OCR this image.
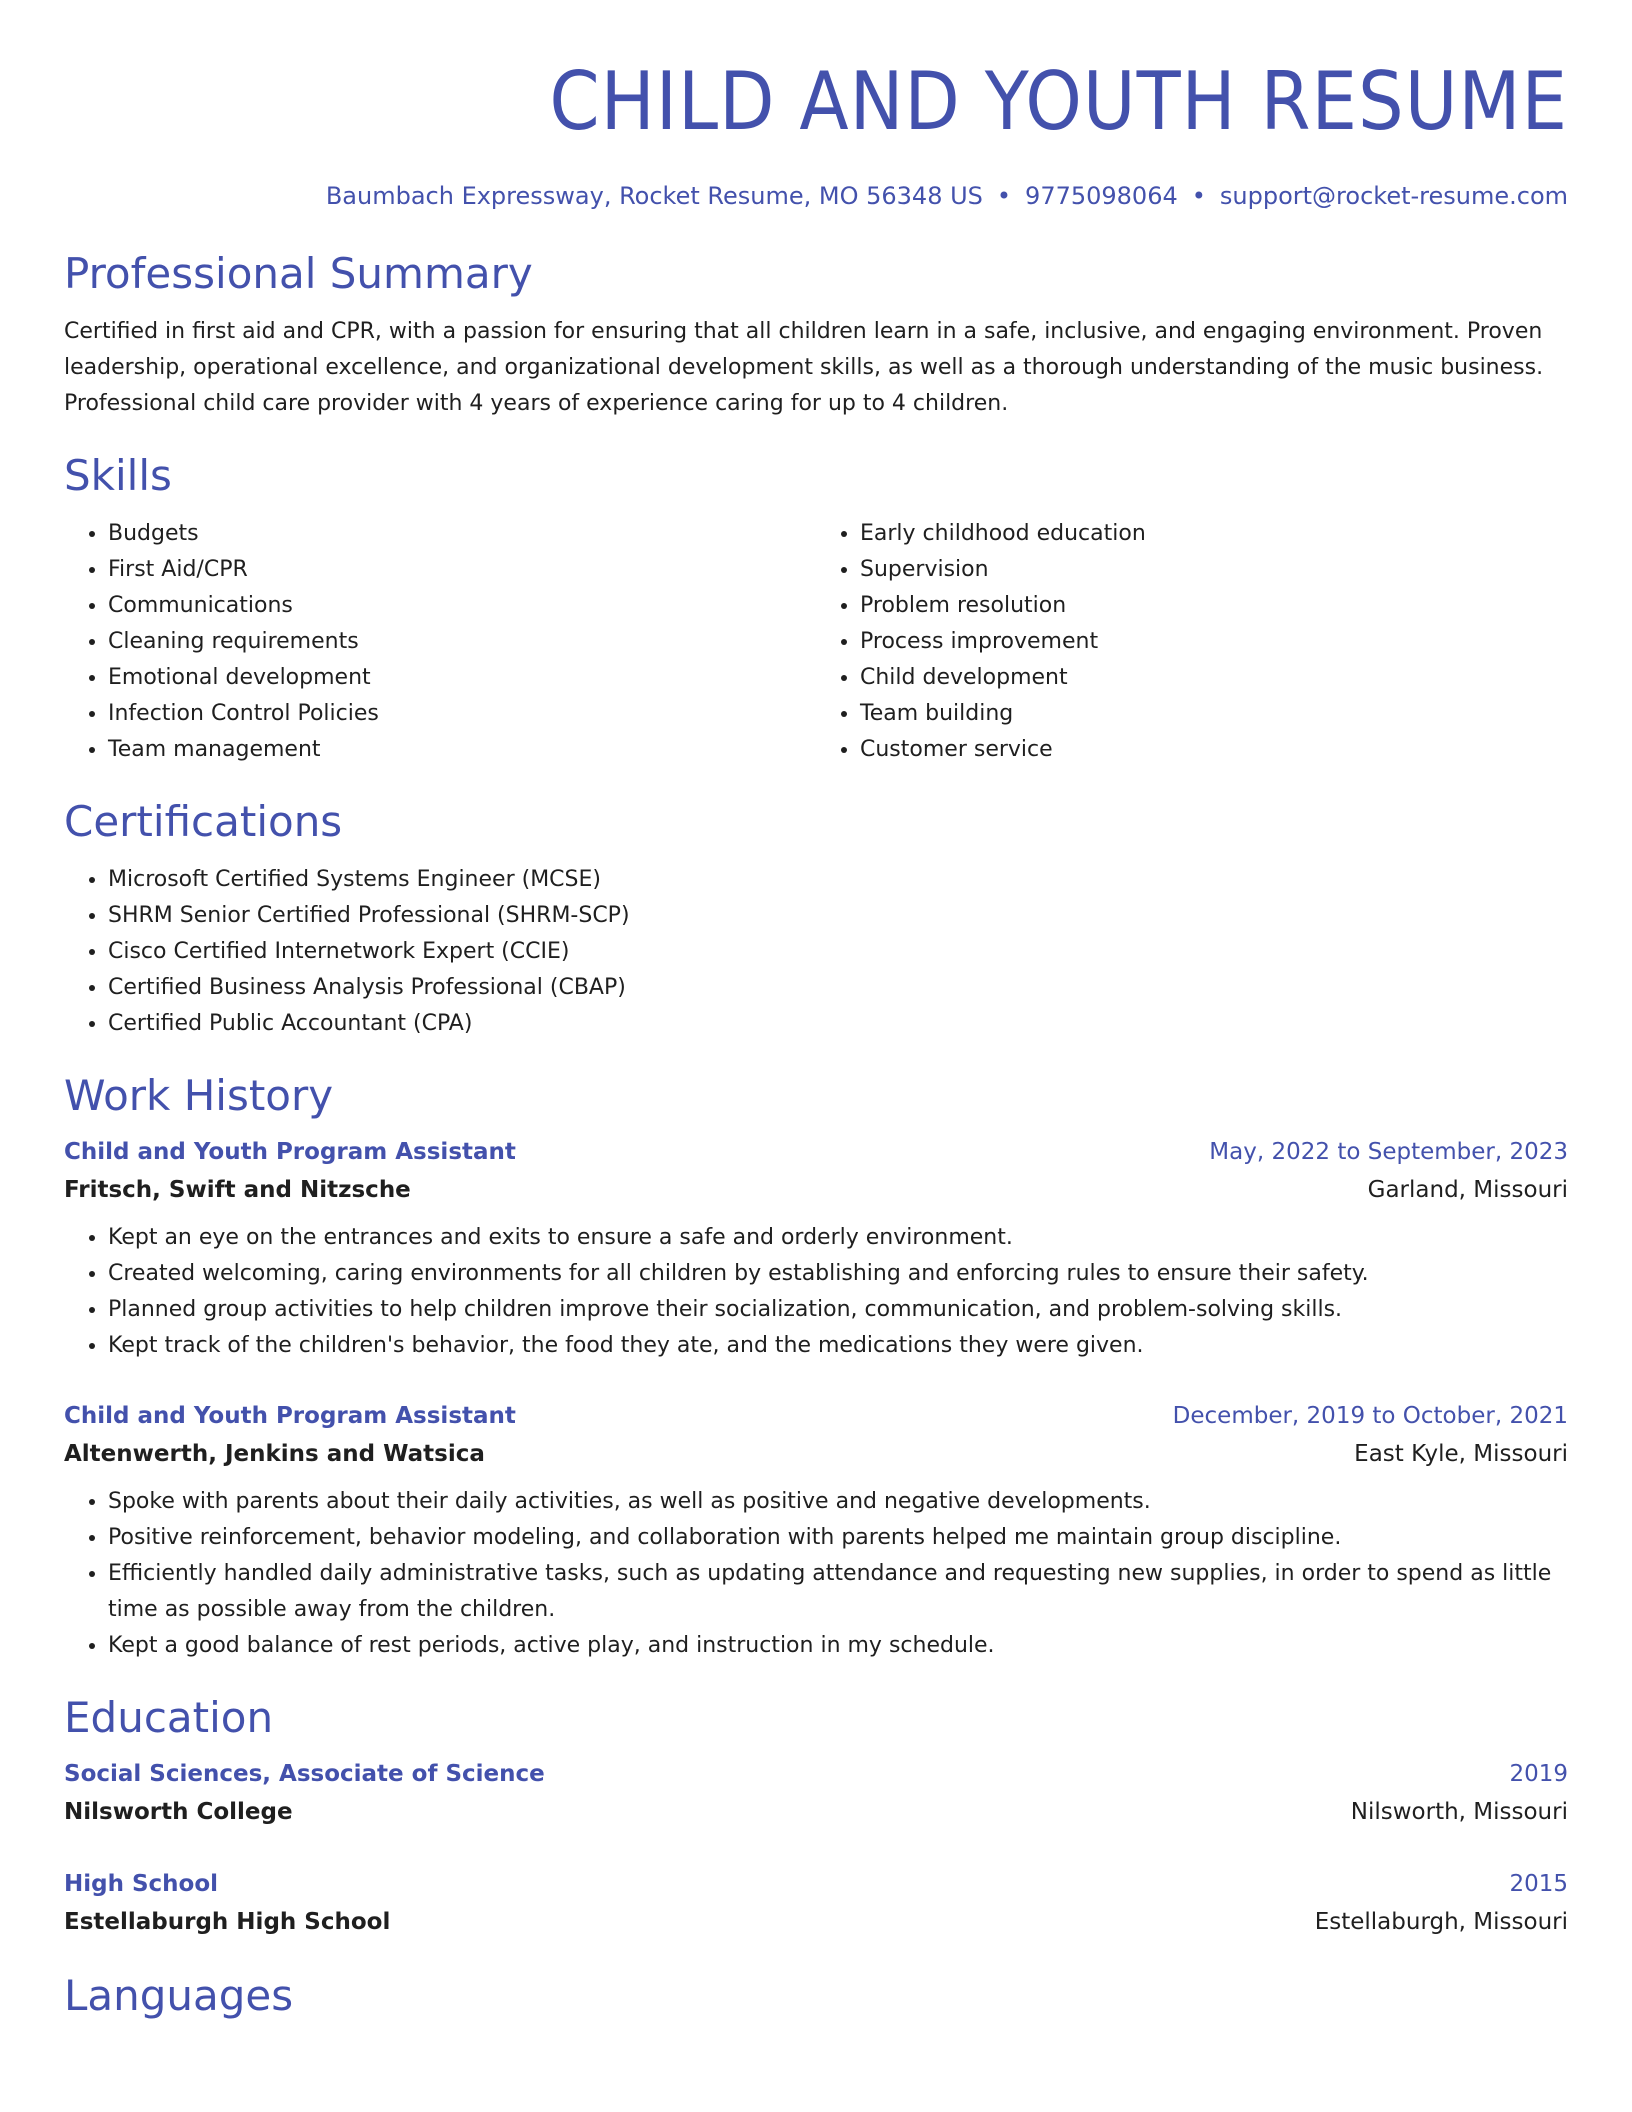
CHILD AND YOUTH RESUME
Baumbach Expressway, Rocket Resume, MO 56348 US • 9775098064 • support@rocket-resume.com
Professional Summary

Certified in first aid and CPR, with a passion for ensuring that all children learn in a safe, inclusive, and engaging environment. Proven leadership, operational excellence, and organizational development skills, as well as a thorough understanding of the music business. Professional child care provider with 4 years of experience caring for up to 4 children.

Skills
• Budgets
• First Aid/CPR
• Communications
• Cleaning requirements
• Emotional development
• Infection Control Policies
• Team management
• Early childhood education
• Supervision
• Problem resolution
• Process improvement
• Child development
• Team building
• Customer service
Certifications
• Microsoft Certified Systems Engineer (MCSE)
• SHRM Senior Certified Professional (SHRM-SCP)
• Cisco Certified Internetwork Expert (CCIE)
• Certified Business Analysis Professional (CBAP)
• Certified Public Accountant (CPA)
Work History
Child and Youth Program Assistant	May, 2022 to September, 2023
Fritsch, Swift and Nitzsche	Garland, Missouri
• Kept an eye on the entrances and exits to ensure a safe and orderly environment.
• Created welcoming, caring environments for all children by establishing and enforcing rules to ensure their safety.
• Planned group activities to help children improve their socialization, communication, and problem-solving skills.
• Kept track of the children's behavior, the food they ate, and the medications they were given.
Child and Youth Program Assistant	December, 2019 to October, 2021
Altenwerth, Jenkins and Watsica	East Kyle, Missouri
• Spoke with parents about their daily activities, as well as positive and negative developments.
• Positive reinforcement, behavior modeling, and collaboration with parents helped me maintain group discipline.
• Efficiently handled daily administrative tasks, such as updating attendance and requesting new supplies, in order to spend as little time as possible away from the children.
• Kept a good balance of rest periods, active play, and instruction in my schedule.
Education
Social Sciences, Associate of Science	2019
Nilsworth College	Nilsworth, Missouri
High School	2015
Estellaburgh High School	Estellaburgh, Missouri
Languages
